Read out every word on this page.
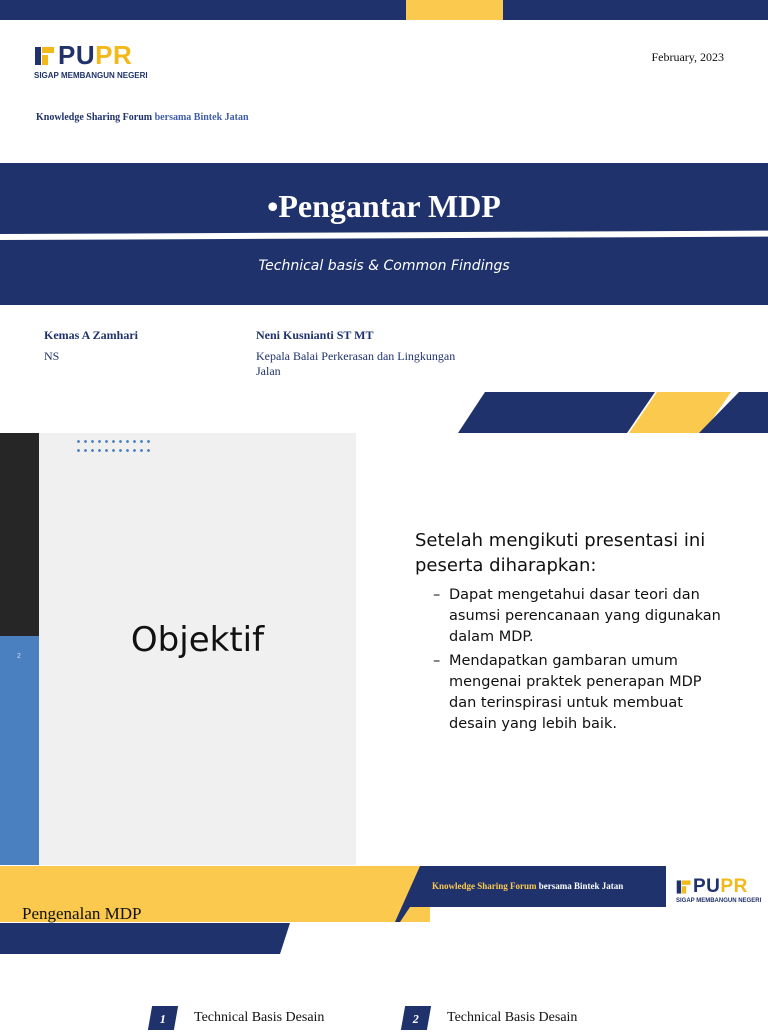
PUPR
SIGAP MEMBANGUN NEGERI
February, 2023
Knowledge Sharing Forum bersama Bintek Jatan
•Pengantar MDP
Technical basis & Common Findings
Kemas A Zamhari
NS
Neni Kusnianti ST MT
Kepala Balai Perkerasan dan Lingkungan Jalan
2	Objektif
Setelah mengikuti presentasi ini peserta diharapkan:
– Dapat mengetahui dasar teori dan asumsi perencanaan yang digunakan dalam MDP.
– Mendapatkan gambaran umum mengenai praktek penerapan MDP dan terinspirasi untuk membuat desain yang lebih baik.
Knowledge Sharing Forum bersama Bintek Jatan	PUPR
SIGAP MEMBANGUN NEGERI
Pengenalan MDP
1	Technical Basis Desain	2	Technical Basis Desain
